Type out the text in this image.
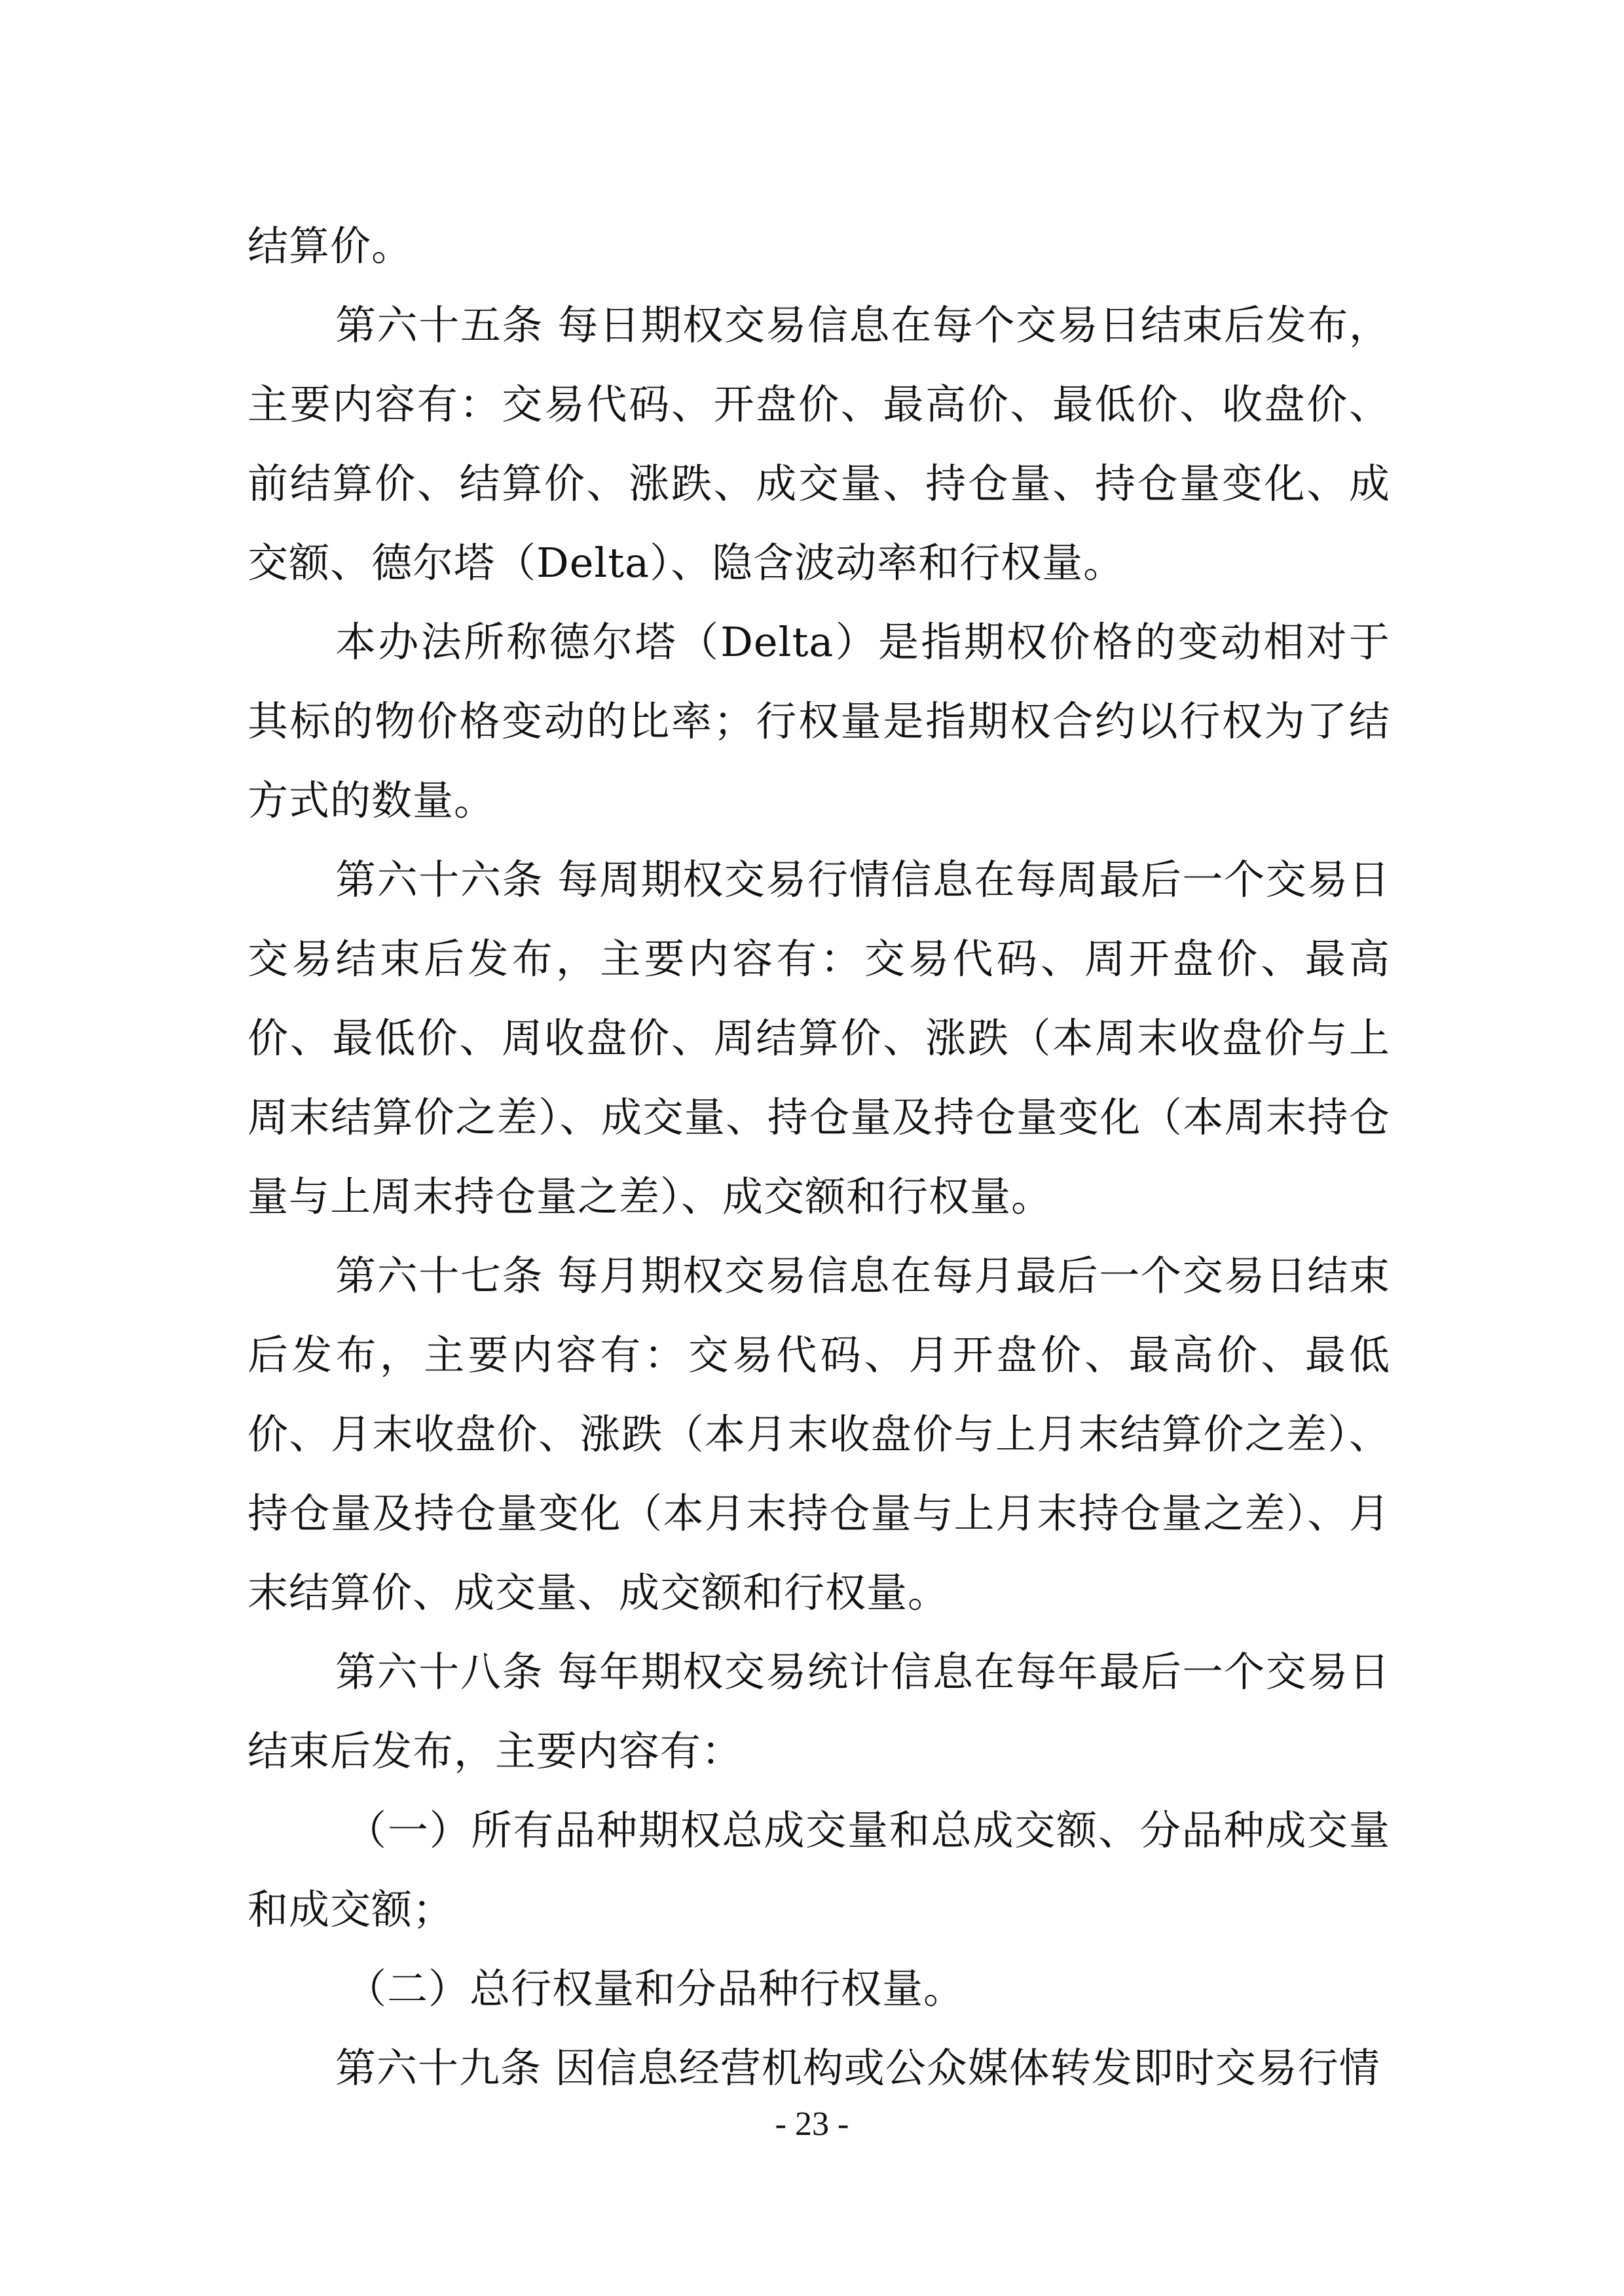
结算价。

第六十五条 每日期权交易信息在每个交易日结束后发布，主要内容有：交易代码、开盘价、最高价、最低价、收盘价、前结算价、结算价、涨跌、成交量、持仓量、持仓量变化、成交额、德尔塔（Delta）、隐含波动率和行权量。

本办法所称德尔塔（Delta）是指期权价格的变动相对于其标的物价格变动的比率；行权量是指期权合约以行权为了结方式的数量。

第六十六条 每周期权交易行情信息在每周最后一个交易日交易结束后发布，主要内容有：交易代码、周开盘价、最高价、最低价、周收盘价、周结算价、涨跌（本周末收盘价与上周末结算价之差）、成交量、持仓量及持仓量变化（本周末持仓量与上周末持仓量之差）、成交额和行权量。

第六十七条 每月期权交易信息在每月最后一个交易日结束后发布，主要内容有：交易代码、月开盘价、最高价、最低价、月末收盘价、涨跌（本月末收盘价与上月末结算价之差）、持仓量及持仓量变化（本月末持仓量与上月末持仓量之差）、月末结算价、成交量、成交额和行权量。

第六十八条 每年期权交易统计信息在每年最后一个交易日结束后发布，主要内容有：

（一）所有品种期权总成交量和总成交额、分品种成交量和成交额；

（二）总行权量和分品种行权量。

第六十九条 因信息经营机构或公众媒体转发即时交易行情

- 23 -
